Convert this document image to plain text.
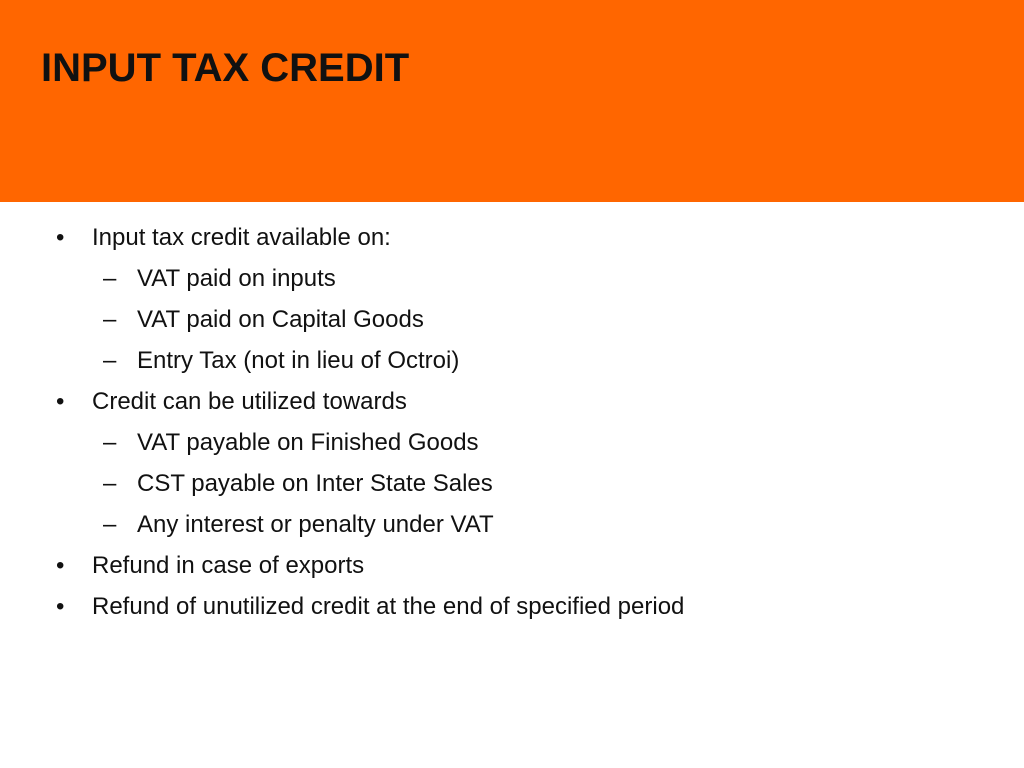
INPUT TAX CREDIT
•	Input tax credit available on:
– VAT paid on inputs
– VAT paid on Capital Goods
– Entry Tax (not in lieu of Octroi)
•	Credit can be utilized towards
– VAT payable on Finished Goods
– CST payable on Inter State Sales
– Any interest or penalty under VAT
•	Refund in case of exports
•	Refund of unutilized credit at the end of specified period
